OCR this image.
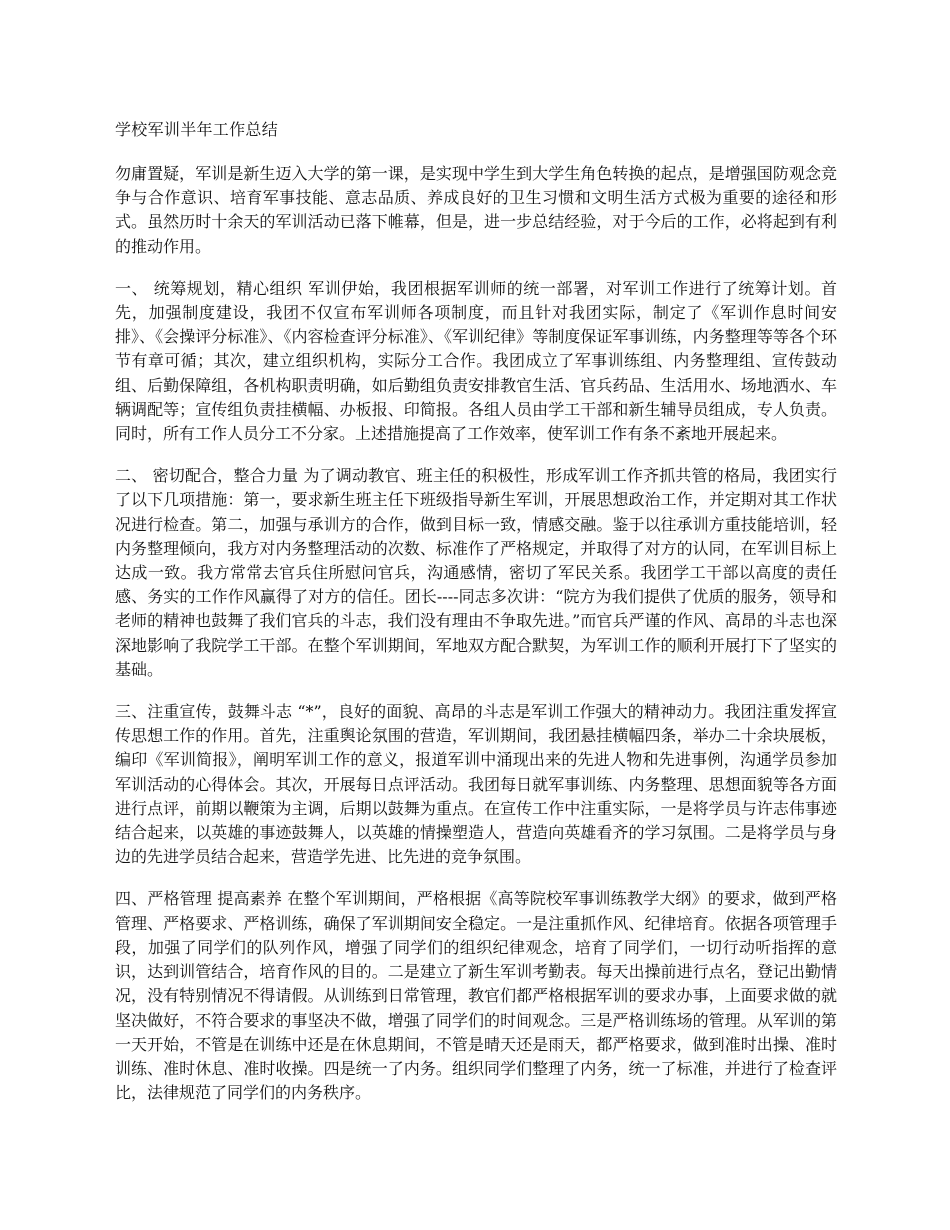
学校军训半年工作总结

勿庸置疑，军训是新生迈入大学的第一课，是实现中学生到大学生角色转换的起点，是增强国防观念竞争与合作意识、培育军事技能、意志品质、养成良好的卫生习惯和文明生活方式极为重要的途径和形式。虽然历时十余天的军训活动已落下帷幕，但是，进一步总结经验，对于今后的工作，必将起到有利的推动作用。

一、 统筹规划，精心组织 军训伊始，我团根据军训师的统一部署，对军训工作进行了统筹计划。首先，加强制度建设，我团不仅宣布军训师各项制度，而且针对我团实际，制定了《军训作息时间安排》、《会操评分标准》、《内容检查评分标准》、《军训纪律》等制度保证军事训练，内务整理等等各个环节有章可循；其次，建立组织机构，实际分工合作。我团成立了军事训练组、内务整理组、宣传鼓动组、后勤保障组，各机构职责明确，如后勤组负责安排教官生活、官兵药品、生活用水、场地洒水、车辆调配等；宣传组负责挂横幅、办板报、印简报。各组人员由学工干部和新生辅导员组成，专人负责。同时，所有工作人员分工不分家。上述措施提高了工作效率，使军训工作有条不紊地开展起来。

二、 密切配合，整合力量 为了调动教官、班主任的积极性，形成军训工作齐抓共管的格局，我团实行了以下几项措施：第一，要求新生班主任下班级指导新生军训，开展思想政治工作，并定期对其工作状况进行检查。第二，加强与承训方的合作，做到目标一致，情感交融。鉴于以往承训方重技能培训，轻内务整理倾向，我方对内务整理活动的次数、标准作了严格规定，并取得了对方的认同，在军训目标上达成一致。我方常常去官兵住所慰问官兵，沟通感情，密切了军民关系。我团学工干部以高度的责任感、务实的工作作风赢得了对方的信任。团长----同志多次讲：“院方为我们提供了优质的服务，领导和老师的精神也鼓舞了我们官兵的斗志，我们没有理由不争取先进。”而官兵严谨的作风、高昂的斗志也深深地影响了我院学工干部。在整个军训期间，军地双方配合默契，为军训工作的顺利开展打下了坚实的基础。

三、注重宣传，鼓舞斗志 “*”，良好的面貌、高昂的斗志是军训工作强大的精神动力。我团注重发挥宣传思想工作的作用。首先，注重舆论氛围的营造，军训期间，我团悬挂横幅四条，举办二十余块展板，编印《军训简报》，阐明军训工作的意义，报道军训中涌现出来的先进人物和先进事例，沟通学员参加军训活动的心得体会。其次，开展每日点评活动。我团每日就军事训练、内务整理、思想面貌等各方面进行点评，前期以鞭策为主调，后期以鼓舞为重点。在宣传工作中注重实际，一是将学员与许志伟事迹结合起来，以英雄的事迹鼓舞人，以英雄的情操塑造人，营造向英雄看齐的学习氛围。二是将学员与身边的先进学员结合起来，营造学先进、比先进的竞争氛围。

四、严格管理 提高素养 在整个军训期间，严格根据《高等院校军事训练教学大纲》的要求，做到严格管理、严格要求、严格训练，确保了军训期间安全稳定。一是注重抓作风、纪律培育。依据各项管理手段，加强了同学们的队列作风，增强了同学们的组织纪律观念，培育了同学们，一切行动听指挥的意识，达到训管结合，培育作风的目的。二是建立了新生军训考勤表。每天出操前进行点名，登记出勤情况，没有特别情况不得请假。从训练到日常管理，教官们都严格根据军训的要求办事，上面要求做的就坚决做好，不符合要求的事坚决不做，增强了同学们的时间观念。三是严格训练场的管理。从军训的第一天开始，不管是在训练中还是在休息期间，不管是晴天还是雨天，都严格要求，做到准时出操、准时训练、准时休息、准时收操。四是统一了内务。组织同学们整理了内务，统一了标准，并进行了检查评比，法律规范了同学们的内务秩序。
